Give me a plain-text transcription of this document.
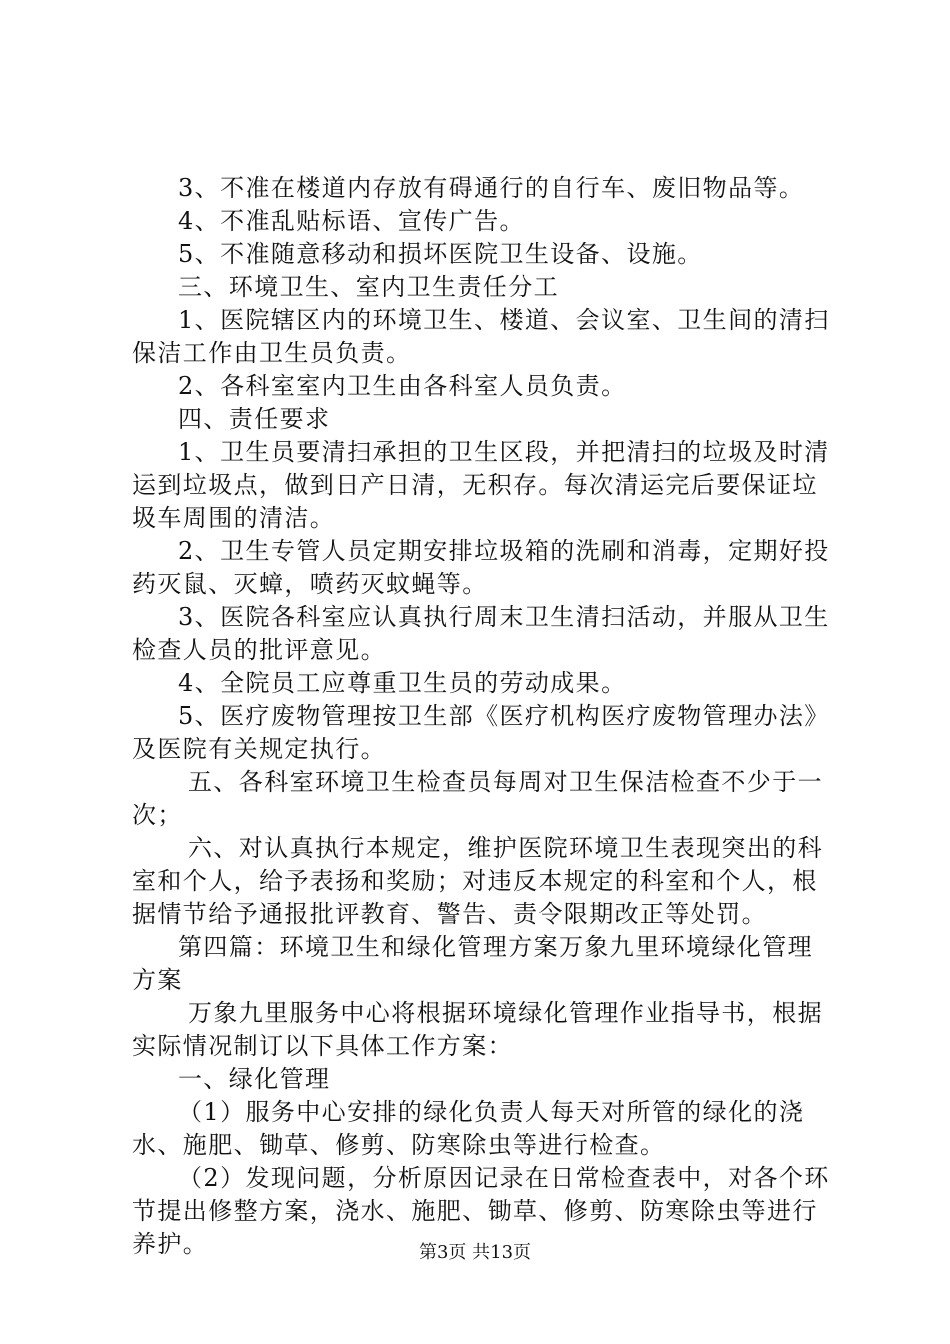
3、不准在楼道内存放有碍通行的自行车、废旧物品等。

4、不准乱贴标语、宣传广告。

5、不准随意移动和损坏医院卫生设备、设施。

三、环境卫生、室内卫生责任分工

1、医院辖区内的环境卫生、楼道、会议室、卫生间的清扫保洁工作由卫生员负责。

2、各科室室内卫生由各科室人员负责。

四、责任要求

1、卫生员要清扫承担的卫生区段，并把清扫的垃圾及时清运到垃圾点，做到日产日清，无积存。每次清运完后要保证垃圾车周围的清洁。

2、卫生专管人员定期安排垃圾箱的洗刷和消毒，定期好投药灭鼠、灭蟑，喷药灭蚊蝇等。

3、医院各科室应认真执行周末卫生清扫活动，并服从卫生检查人员的批评意见。

4、全院员工应尊重卫生员的劳动成果。

5、医疗废物管理按卫生部《医疗机构医疗废物管理办法》及医院有关规定执行。

五、各科室环境卫生检查员每周对卫生保洁检查不少于一次；

六、对认真执行本规定，维护医院环境卫生表现突出的科室和个人，给予表扬和奖励；对违反本规定的科室和个人，根据情节给予通报批评教育、警告、责令限期改正等处罚。

第四篇：环境卫生和绿化管理方案万象九里环境绿化管理方案

万象九里服务中心将根据环境绿化管理作业指导书，根据实际情况制订以下具体工作方案：

一、绿化管理

（1）服务中心安排的绿化负责人每天对所管的绿化的浇水、施肥、锄草、修剪、防寒除虫等进行检查。

（2）发现问题，分析原因记录在日常检查表中，对各个环节提出修整方案，浇水、施肥、锄草、修剪、防寒除虫等进行养护。	第3页 共13页
